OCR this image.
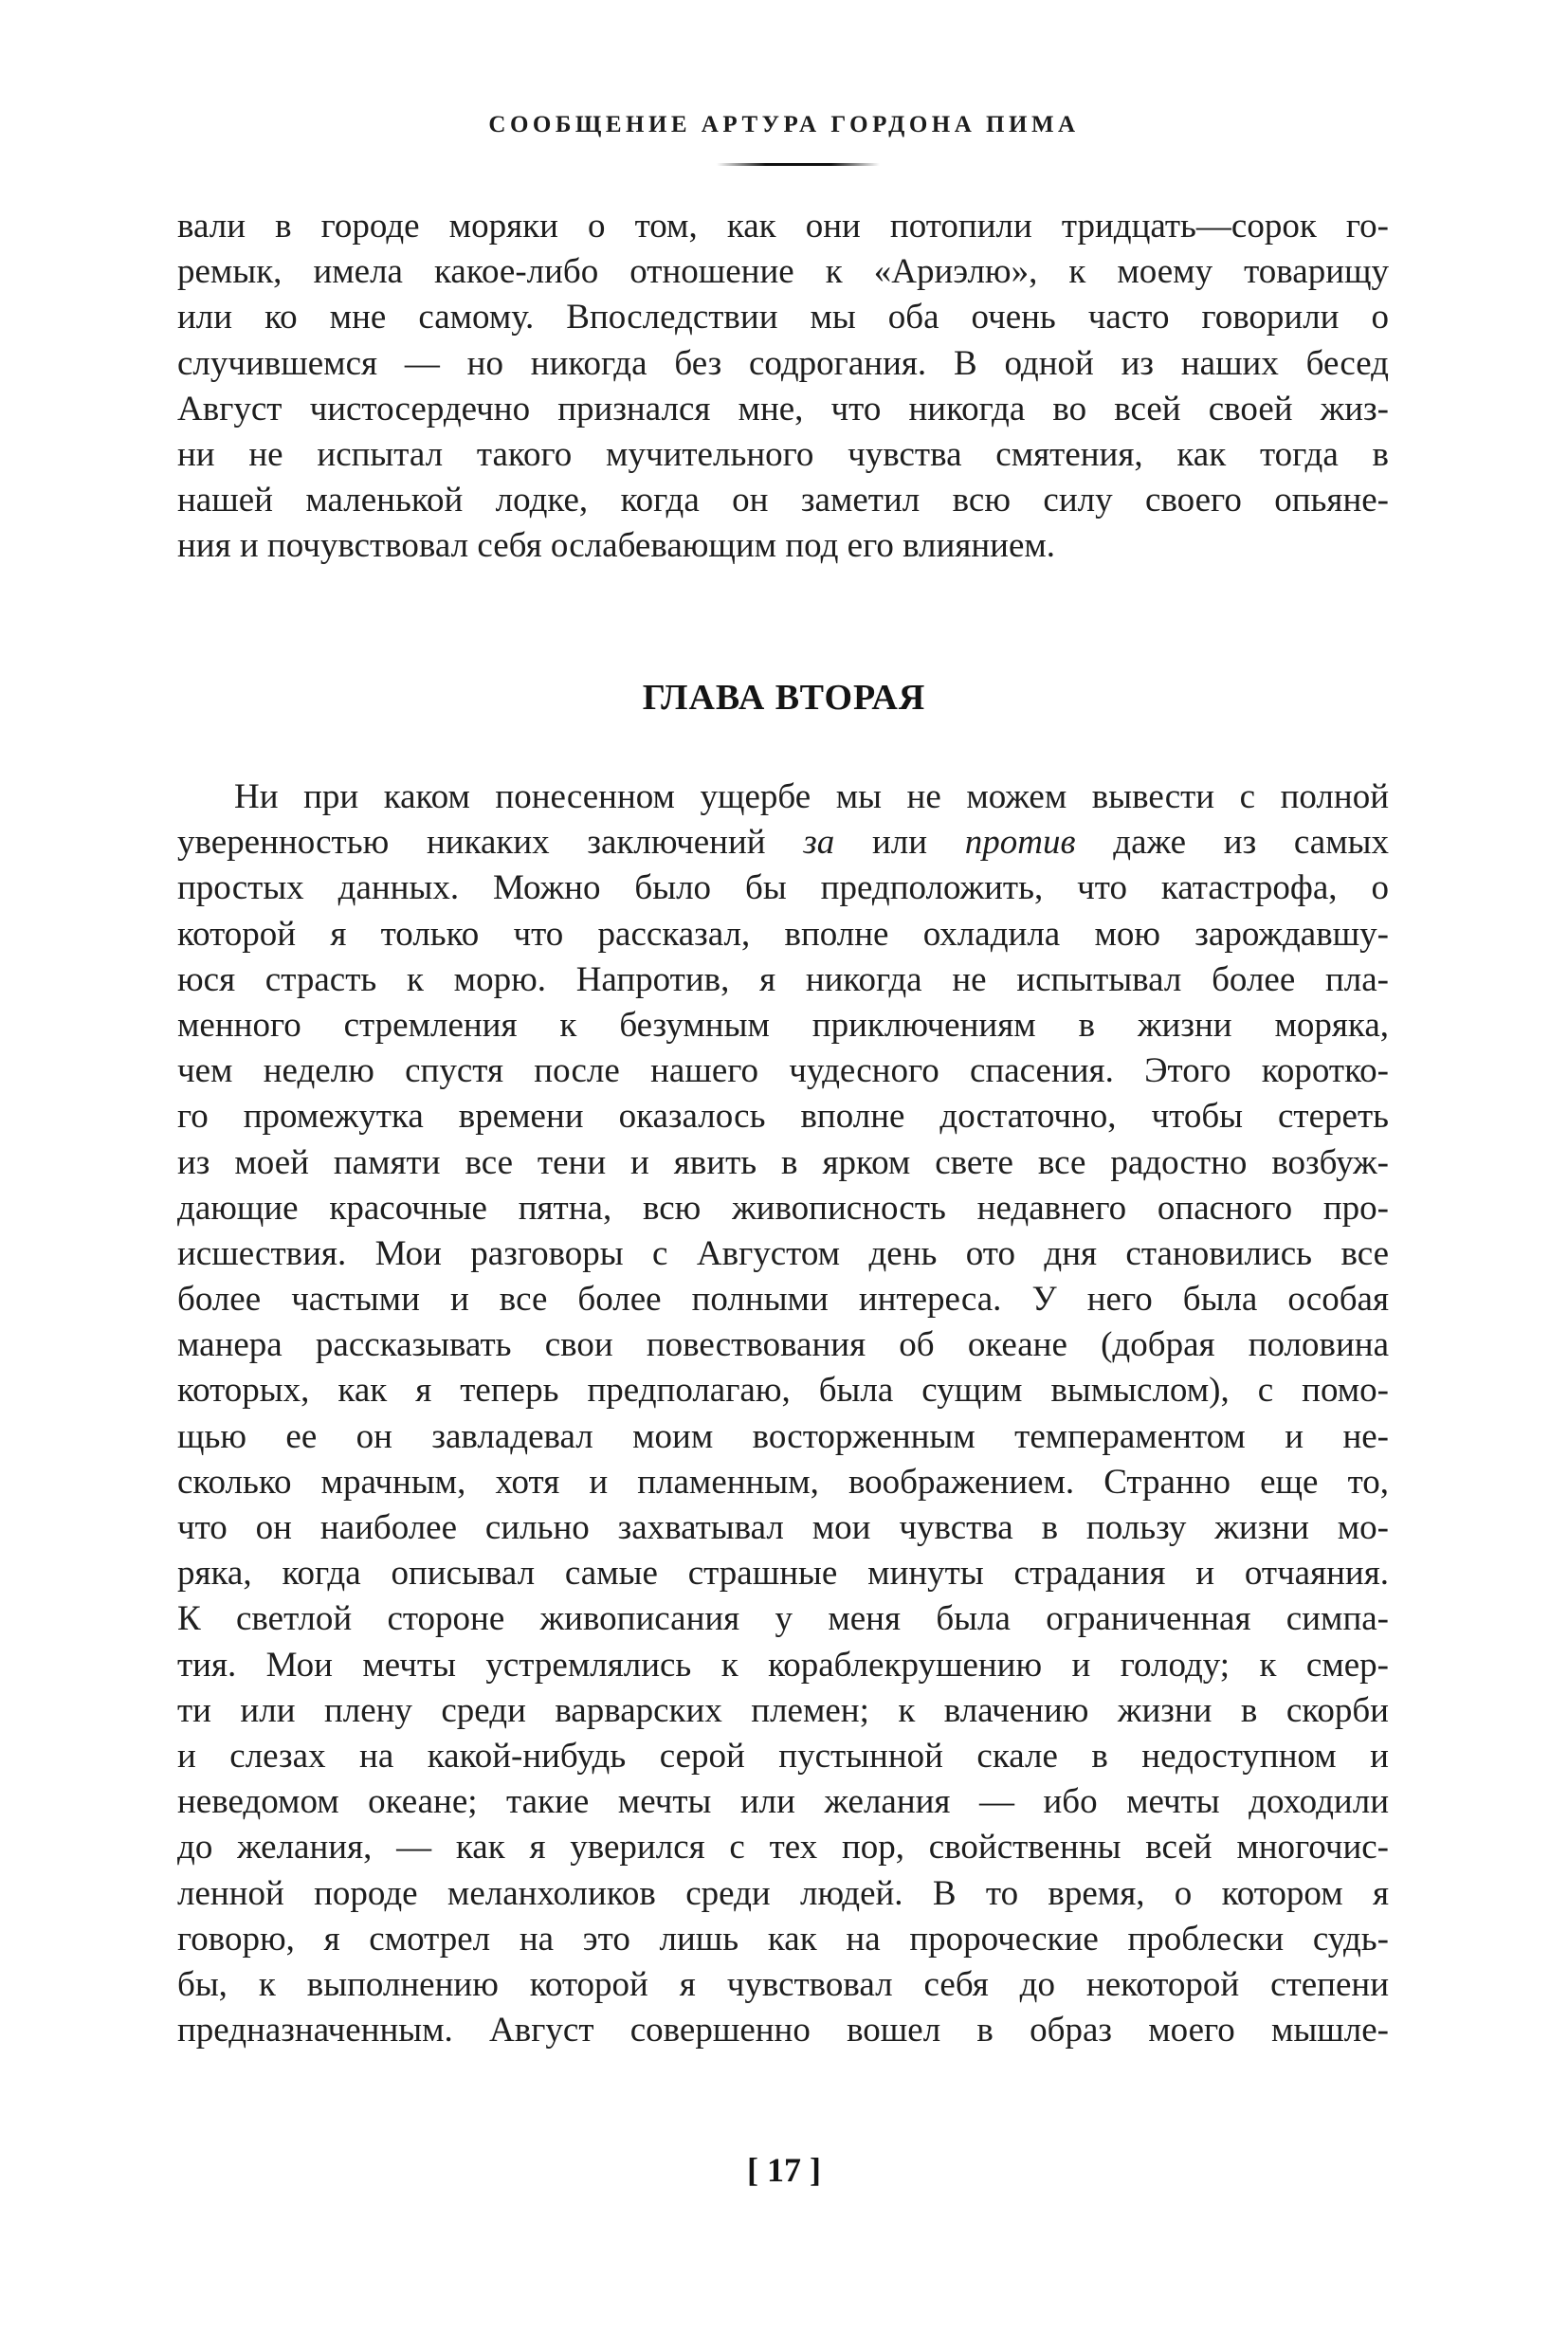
СООБЩЕНИЕ АРТУРА ГОРДОНА ПИМА
вали в городе моряки о том, как они потопили тридцать—сорок го-
ремык, имела какое-либо отношение к «Ариэлю», к моему товарищу
или ко мне самому. Впоследствии мы оба очень часто говорили о
случившемся — но никогда без содрогания. В одной из наших бесед
Август чистосердечно признался мне, что никогда во всей своей жиз-
ни не испытал такого мучительного чувства смятения, как тогда в
нашей маленькой лодке, когда он заметил всю силу своего опьяне-
ния и почувствовал себя ослабевающим под его влиянием.
ГЛАВА ВТОРАЯ
Ни при каком понесенном ущербе мы не можем вывести с полной
уверенностью никаких заключений за или против даже из самых
простых данных. Можно было бы предположить, что катастрофа, о
которой я только что рассказал, вполне охладила мою зарождавшу-
юся страсть к морю. Напротив, я никогда не испытывал более пла-
менного стремления к безумным приключениям в жизни моряка,
чем неделю спустя после нашего чудесного спасения. Этого коротко-
го промежутка времени оказалось вполне достаточно, чтобы стереть
из моей памяти все тени и явить в ярком свете все радостно возбуж-
дающие красочные пятна, всю живописность недавнего опасного про-
исшествия. Мои разговоры с Августом день ото дня становились все
более частыми и все более полными интереса. У него была особая
манера рассказывать свои повествования об океане (добрая половина
которых, как я теперь предполагаю, была сущим вымыслом), с помо-
щью ее он завладевал моим восторженным темпераментом и не-
сколько мрачным, хотя и пламенным, воображением. Странно еще то,
что он наиболее сильно захватывал мои чувства в пользу жизни мо-
ряка, когда описывал самые страшные минуты страдания и отчаяния.
К светлой стороне живописания у меня была ограниченная симпа-
тия. Мои мечты устремлялись к кораблекрушению и голоду; к смер-
ти или плену среди варварских племен; к влачению жизни в скорби
и слезах на какой-нибудь серой пустынной скале в недоступном и
неведомом океане; такие мечты или желания — ибо мечты доходили
до желания, — как я уверился с тех пор, свойственны всей многочис-
ленной породе меланхоликов среди людей. В то время, о котором я
говорю, я смотрел на это лишь как на пророческие проблески судь-
бы, к выполнению которой я чувствовал себя до некоторой степени
предназначенным. Август совершенно вошел в образ моего мышле-
[ 17 ]
